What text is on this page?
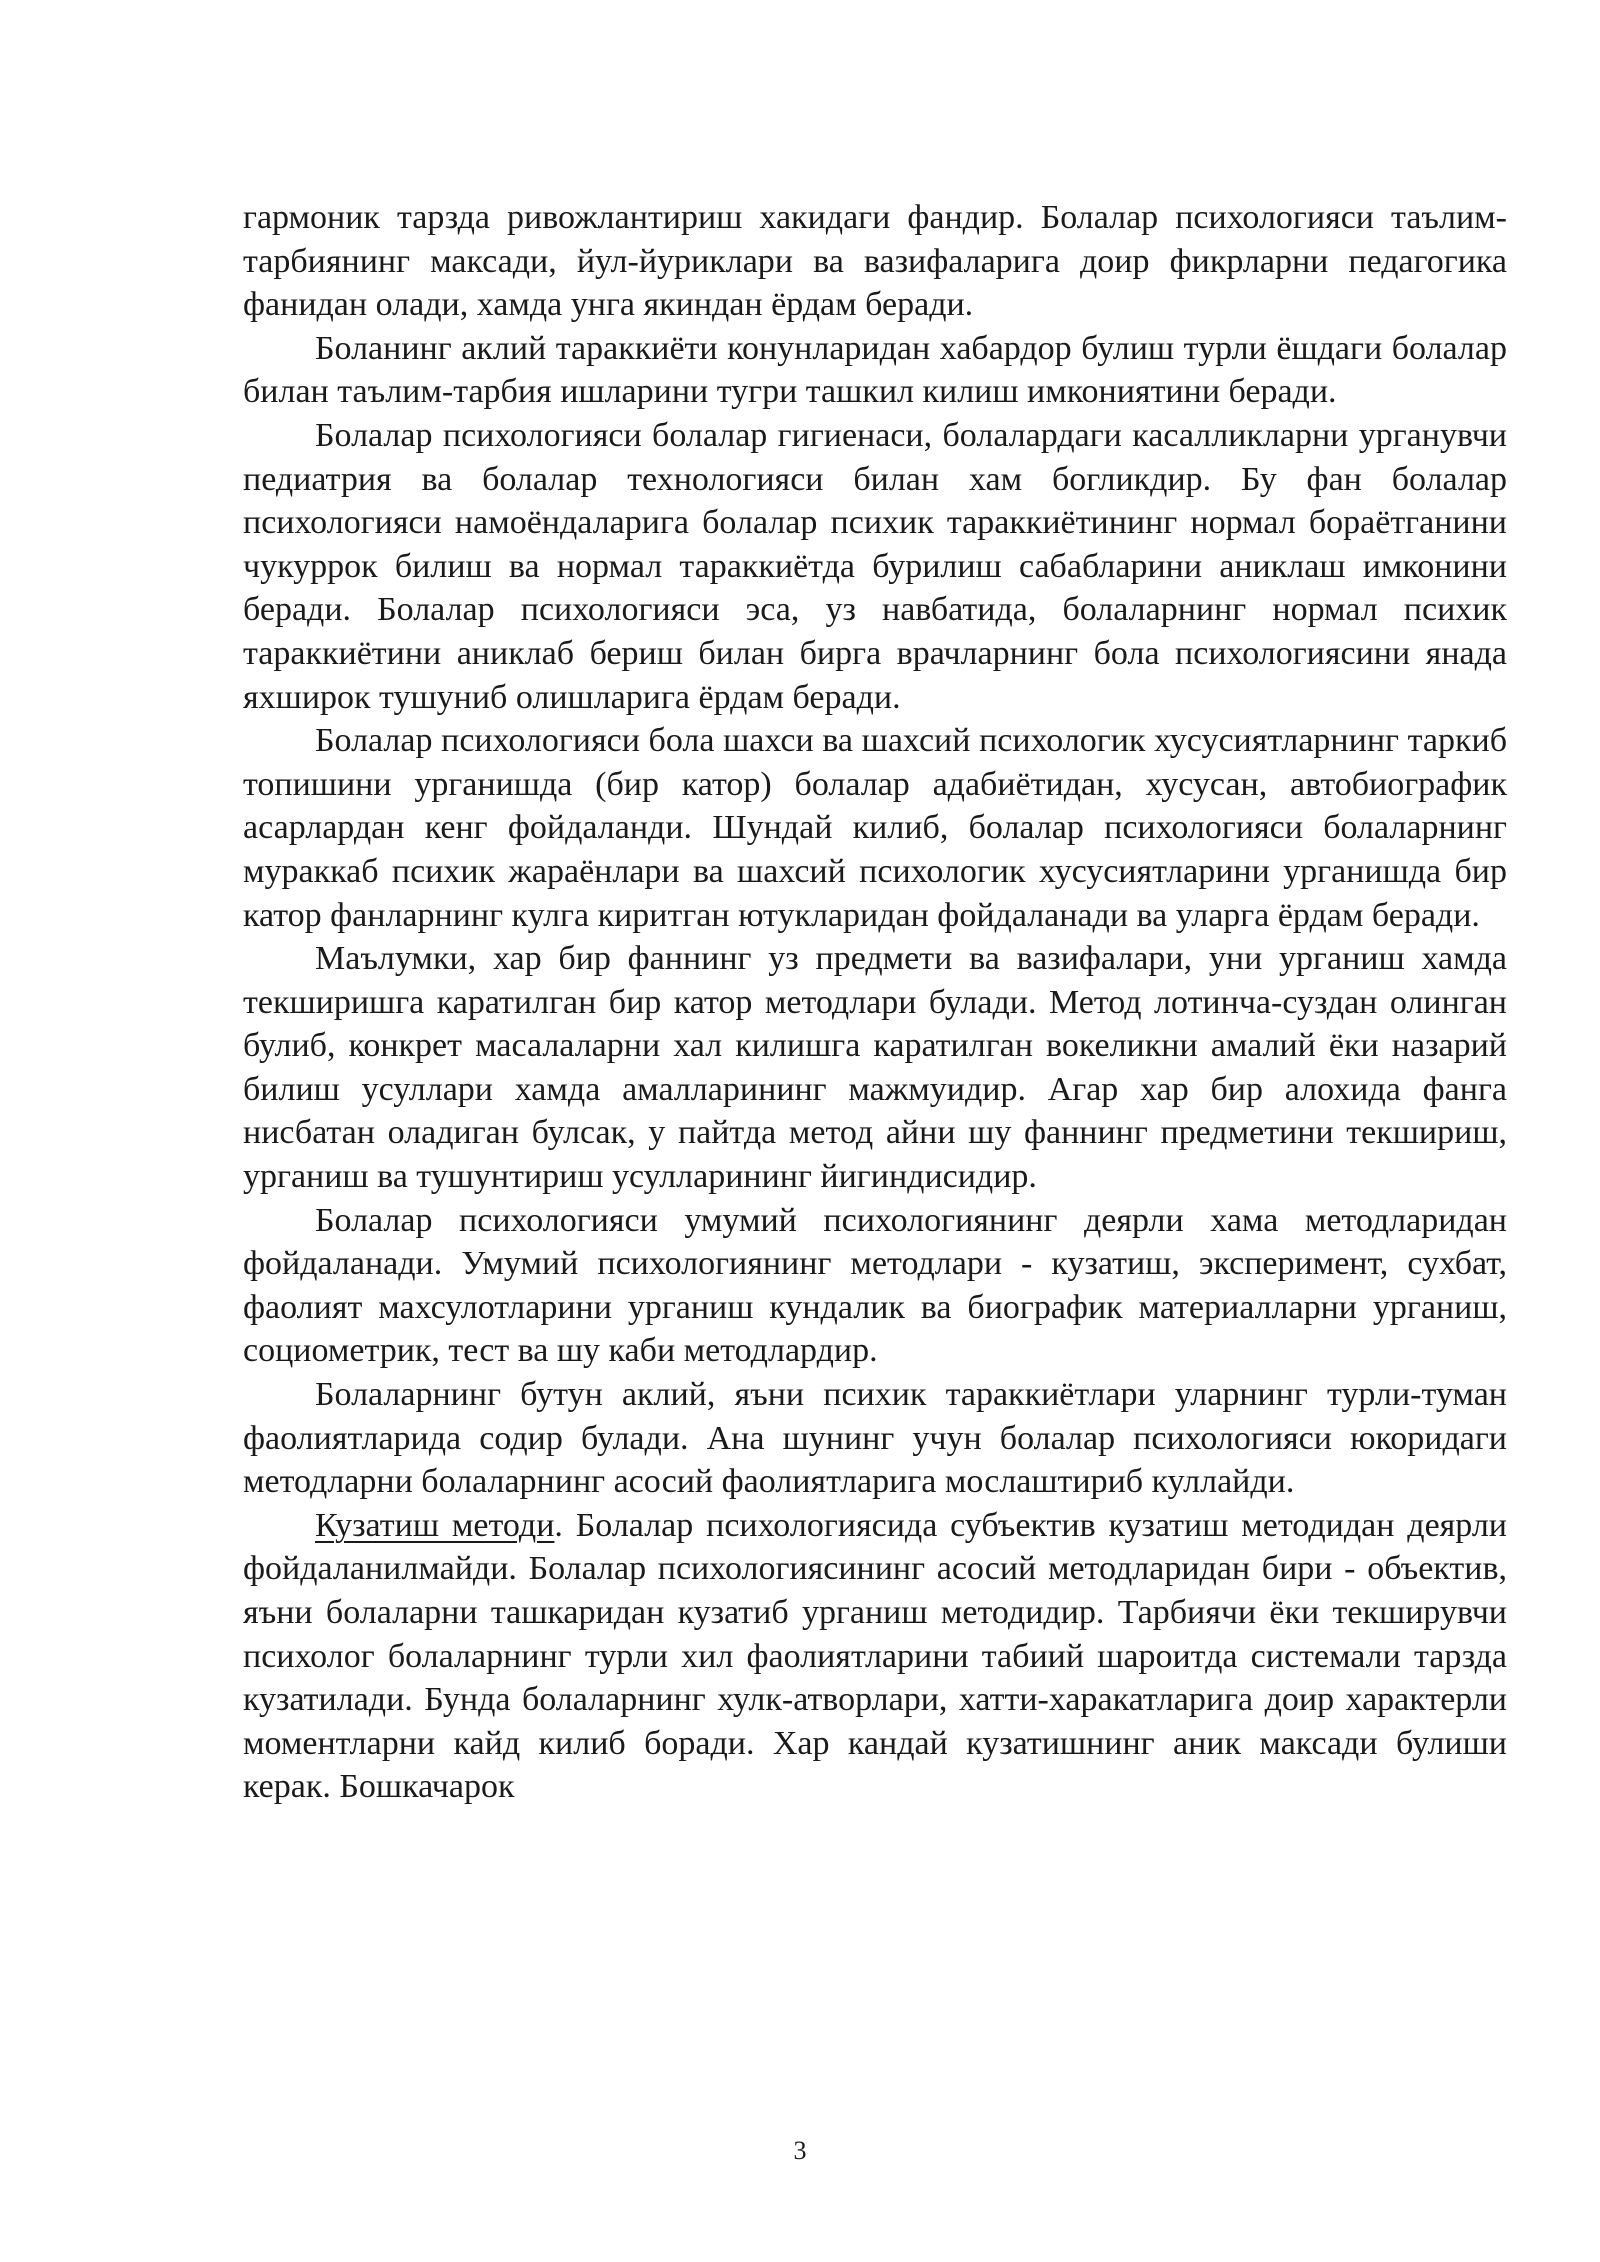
гармоник тарзда ривожлантириш хакидаги фандир. Болалар психологияси таълим-тарбиянинг максади, йул-йуриклари ва вазифаларига доир фикрларни педагогика фанидан олади, хамда унга якиндан ёрдам беради.

Боланинг аклий тараккиёти конунларидан хабардор булиш турли ёшдаги болалар билан таълим-тарбия ишларини тугри ташкил килиш имкониятини беради.

Болалар психологияси болалар гигиенаси, болалардаги касалликларни урганувчи педиатрия ва болалар технологияси билан хам богликдир. Бу фан болалар психологияси намоёндаларига болалар психик тараккиётининг нормал бораётганини чукуррок билиш ва нормал тараккиётда бурилиш сабабларини аниклаш имконини беради. Болалар психологияси эса, уз навбатида, болаларнинг нормал психик тараккиётини аниклаб бериш билан бирга врачларнинг бола психологиясини янада яхширок тушуниб олишларига ёрдам беради.

Болалар психологияси бола шахси ва шахсий психологик хусусиятларнинг таркиб топишини урганишда (бир катор) болалар адабиётидан, хусусан, автобиографик асарлардан кенг фойдаланди. Шундай килиб, болалар психологияси болаларнинг мураккаб психик жараёнлари ва шахсий психологик хусусиятларини урганишда бир катор фанларнинг кулга киритган ютукларидан фойдаланади ва уларга ёрдам беради.

Маълумки, хар бир фаннинг уз предмети ва вазифалари, уни урганиш хамда текширишга каратилган бир катор методлари булади. Метод лотинча-суздан олинган булиб, конкрет масалаларни хал килишга каратилган вокеликни амалий ёки назарий билиш усуллари хамда амалларининг мажмуидир. Агар хар бир алохида фанга нисбатан оладиган булсак, у пайтда метод айни шу фаннинг предметини текшириш, урганиш ва тушунтириш усулларининг йигиндисидир.

Болалар психологияси умумий психологиянинг деярли хама методларидан фойдаланади. Умумий психологиянинг методлари - кузатиш, эксперимент, сухбат, фаолият махсулотларини урганиш кундалик ва биографик материалларни урганиш, социометрик, тест ва шу каби методлардир.

Болаларнинг бутун аклий, яъни психик тараккиётлари уларнинг турли-туман фаолиятларида содир булади. Ана шунинг учун болалар психологияси юкоридаги методларни болаларнинг асосий фаолиятларига мослаштириб куллайди.

Кузатиш методи. Болалар психологиясида субъектив кузатиш методидан деярли фойдаланилмайди. Болалар психологиясининг асосий методларидан бири - объектив, яъни болаларни ташкаридан кузатиб урганиш методидир. Тарбиячи ёки текширувчи психолог болаларнинг турли хил фаолиятларини табиий шароитда системали тарзда кузатилади. Бунда болаларнинг хулк-атворлари, хатти-харакатларига доир характерли моментларни кайд килиб боради. Хар кандай кузатишнинг аник максади булиши керак. Бошкачарок

3
